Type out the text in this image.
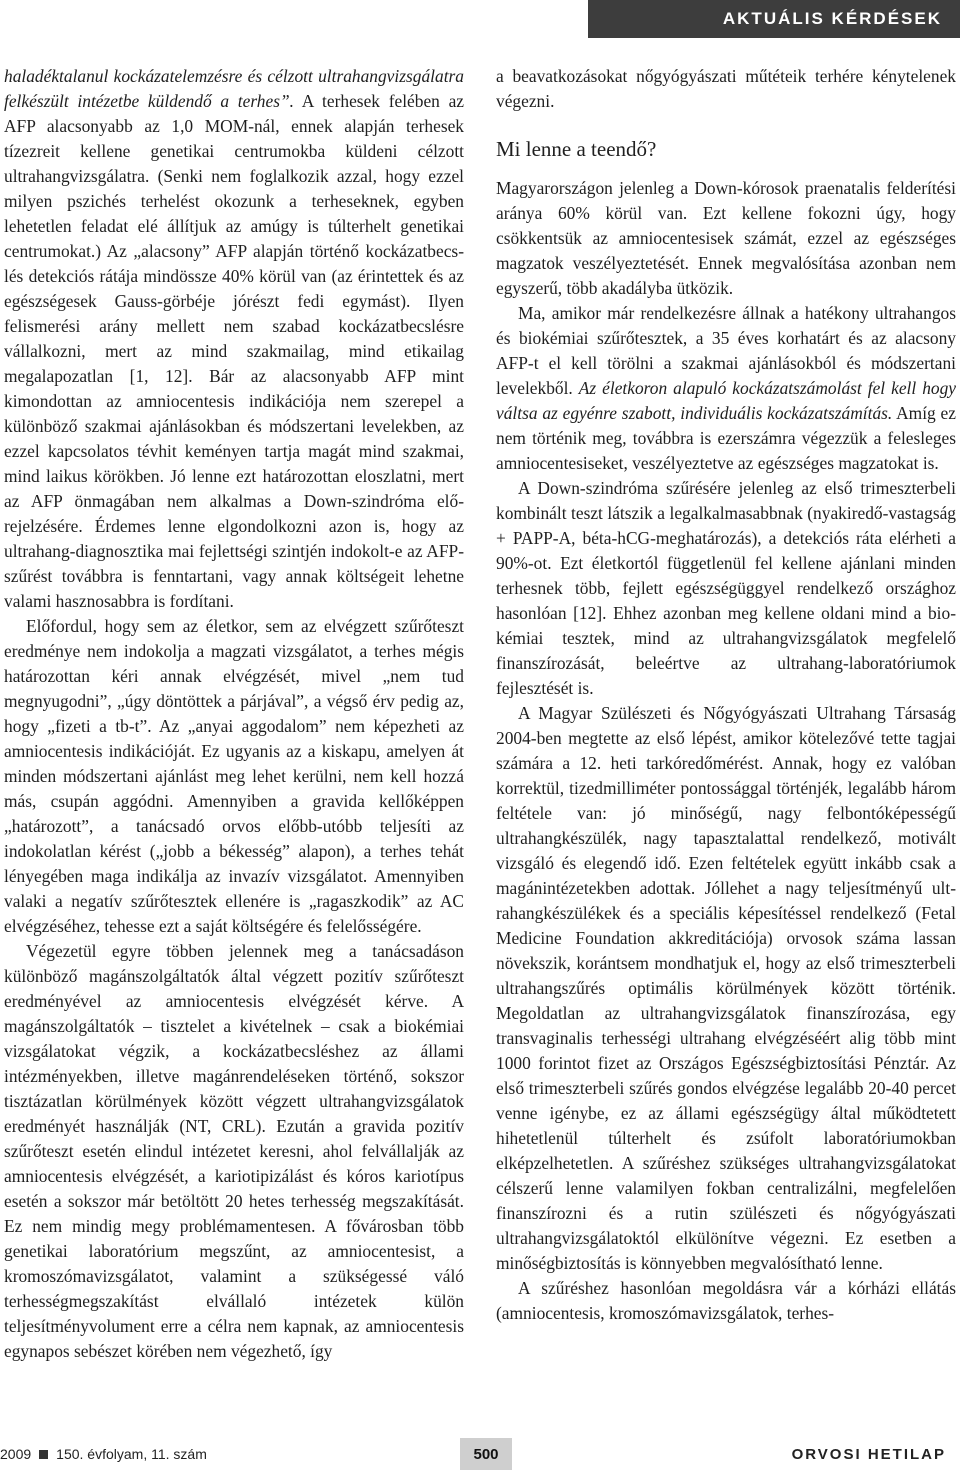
AKTUÁLIS KÉRDÉSEK

haladéktalanul kockázatelemzésre és célzott ultrahangvizsgálatra felkészült intézetbe küldendő a terhes”. A terhesek felében az AFP alacsonyabb az 1,0 MOM-nál, ennek alapján terhesek tízezreit kellene genetikai centrumokba küldeni célzott ultrahangvizsgálatra. (Senki nem foglalkozik azzal, hogy ezzel milyen pszichés terhelést okozunk a terheseknek, egyben lehetetlen feladat elé állítjuk az amúgy is túlterhelt genetikai centrumokat.) Az „alacsony” AFP alapján történő kockázatbecslés detekciós rátája mindössze 40% körül van (az érintettek és az egészségesek Gauss-görbéje jórészt fedi egymást). Ilyen felismerési arány mellett nem szabad kockázatbecslésre vállalkozni, mert az mind szakmailag, mind etikailag megalapozatlan [1, 12]. Bár az alacsonyabb AFP mint kimondottan az amniocentesis indikációja nem szerepel a különböző szakmai ajánlásokban és módszertani levelekben, az ezzel kapcsolatos tévhit keményen tartja magát mind szakmai, mind laikus körökben. Jó lenne ezt határozottan eloszlatni, mert az AFP önmagában nem alkalmas a Down-szindróma előrejelzésére. Érdemes lenne elgondolkozni azon is, hogy az ultrahang-diagnosztika mai fejlettségi szintjén indokolt-e az AFP-szűrést továbbra is fenntartani, vagy annak költségeit lehetne valami hasznosabbra is fordítani.

Előfordul, hogy sem az életkor, sem az elvégzett szűrőteszt eredménye nem indokolja a magzati vizsgálatot, a terhes mégis határozottan kéri annak elvégzését, mivel „nem tud megnyugodni”, „úgy döntöttek a párjával”, a végső érv pedig az, hogy „fizeti a tb-t”. Az „anyai aggodalom” nem képezheti az amniocentesis indikációját. Ez ugyanis az a kiskapu, amelyen át minden módszertani ajánlást meg lehet kerülni, nem kell hozzá más, csupán aggódni. Amennyiben a gravida kellőképpen „határozott”, a tanácsadó orvos előbb-utóbb teljesíti az indokolatlan kérést („jobb a békesség” alapon), a terhes tehát lényegében maga indikálja az invazív vizsgálatot. Amennyiben valaki a negatív szűrőtesztek ellenére is „ragaszkodik” az AC elvégzéséhez, tehesse ezt a saját költségére és felelősségére.

Végezetül egyre többen jelennek meg a tanácsadáson különböző magánszolgáltatók által végzett pozitív szűrőteszt eredményével az amniocentesis elvégzését kérve. A magánszolgáltatók – tisztelet a kivételnek – csak a biokémiai vizsgálatokat végzik, a kockázatbecsléshez az állami intézményekben, illetve magánrendeléseken történő, sokszor tisztázatlan körülmények között végzett ultrahangvizsgálatok eredményét használják (NT, CRL). Ezután a gravida pozitív szűrőteszt esetén elindul intézetet keresni, ahol felvállalják az amniocentesis elvégzését, a kariotipizálást és kóros kariotípus esetén a sokszor már betöltött 20 hetes terhesség megszakítását. Ez nem mindig megy problémamentesen. A fővárosban több genetikai laboratórium megszűnt, az amniocentesist, a kromoszómavizsgálatot, valamint a szükségessé váló terhességmegszakítást elvállaló intézetek külön teljesítményvolument erre a célra nem kapnak, az amniocentesis egynapos sebészet körében nem végezhető, így

a beavatkozásokat nőgyógyászati műtéteik terhére kénytelenek végezni.

Mi lenne a teendő?

Magyarországon jelenleg a Down-kórosok praenatalis felderítési aránya 60% körül van. Ezt kellene fokozni úgy, hogy csökkentsük az amniocentesisek számát, ezzel az egészséges magzatok veszélyeztetését. Ennek megvalósítása azonban nem egyszerű, több akadályba ütközik.

Ma, amikor már rendelkezésre állnak a hatékony ultrahangos és biokémiai szűrőtesztek, a 35 éves korhatárt és az alacsony AFP-t el kell törölni a szakmai ajánlásokból és módszertani levelekből. Az életkoron alapuló kockázatszámolást fel kell hogy váltsa az egyénre szabott, individuális kockázatszámítás. Amíg ez nem történik meg, továbbra is ezerszámra végezzük a felesleges amniocentesiseket, veszélyeztetve az egészséges magzatokat is.

A Down-szindróma szűrésére jelenleg az első trimeszterbeli kombinált teszt látszik a legalkalmasabbnak (nyakiredő-vastagság + PAPP-A, béta-hCG-meghatározás), a detekciós ráta elérheti a 90%-ot. Ezt életkortól függetlenül fel kellene ajánlani minden terhesnek több, fejlett egészségüggyel rendelkező országhoz hasonlóan [12]. Ehhez azonban meg kellene oldani mind a biokémiai tesztek, mind az ultrahangvizsgálatok megfelelő finanszírozását, beleértve az ultrahang-laboratóriumok fejlesztését is.

A Magyar Szülészeti és Nőgyógyászati Ultrahang Társaság 2004-ben megtette az első lépést, amikor kötelezővé tette tagjai számára a 12. heti tarkóredőmérést. Annak, hogy ez valóban korrektül, tizedmilliméter pontossággal történjék, legalább három feltétele van: jó minőségű, nagy felbontóképességű ultrahangkészülék, nagy tapasztalattal rendelkező, motivált vizsgáló és elegendő idő. Ezen feltételek együtt inkább csak a magánintézetekben adottak. Jóllehet a nagy teljesítményű ultrahangkészülékek és a speciális képesítéssel rendelkező (Fetal Medicine Foundation akkreditációja) orvosok száma lassan növekszik, korántsem mondhatjuk el, hogy az első trimeszterbeli ultrahangszűrés optimális körülmények között történik. Megoldatlan az ultrahangvizsgálatok finanszírozása, egy transvaginalis terhességi ultrahang elvégzéséért alig több mint 1000 forintot fizet az Országos Egészségbiztosítási Pénztár. Az első trimeszterbeli szűrés gondos elvégzése legalább 20-40 percet venne igénybe, ez az állami egészségügy által működtetett hihetetlenül túlterhelt és zsúfolt laboratóriumokban elképzelhetetlen. A szűréshez szükséges ultrahangvizsgálatokat célszerű lenne valamilyen fokban centralizálni, megfelelően finanszírozni és a rutin szülészeti és nőgyógyászati ultrahangvizsgálatoktól elkülönítve végezni. Ez esetben a minőségbiztosítás is könnyebben megvalósítható lenne.

A szűréshez hasonlóan megoldásra vár a kórházi ellátás (amniocentesis, kromoszómavizsgálatok, terhes-

2009 150. évfolyam, 11. szám	500	ORVOSI HETILAP
